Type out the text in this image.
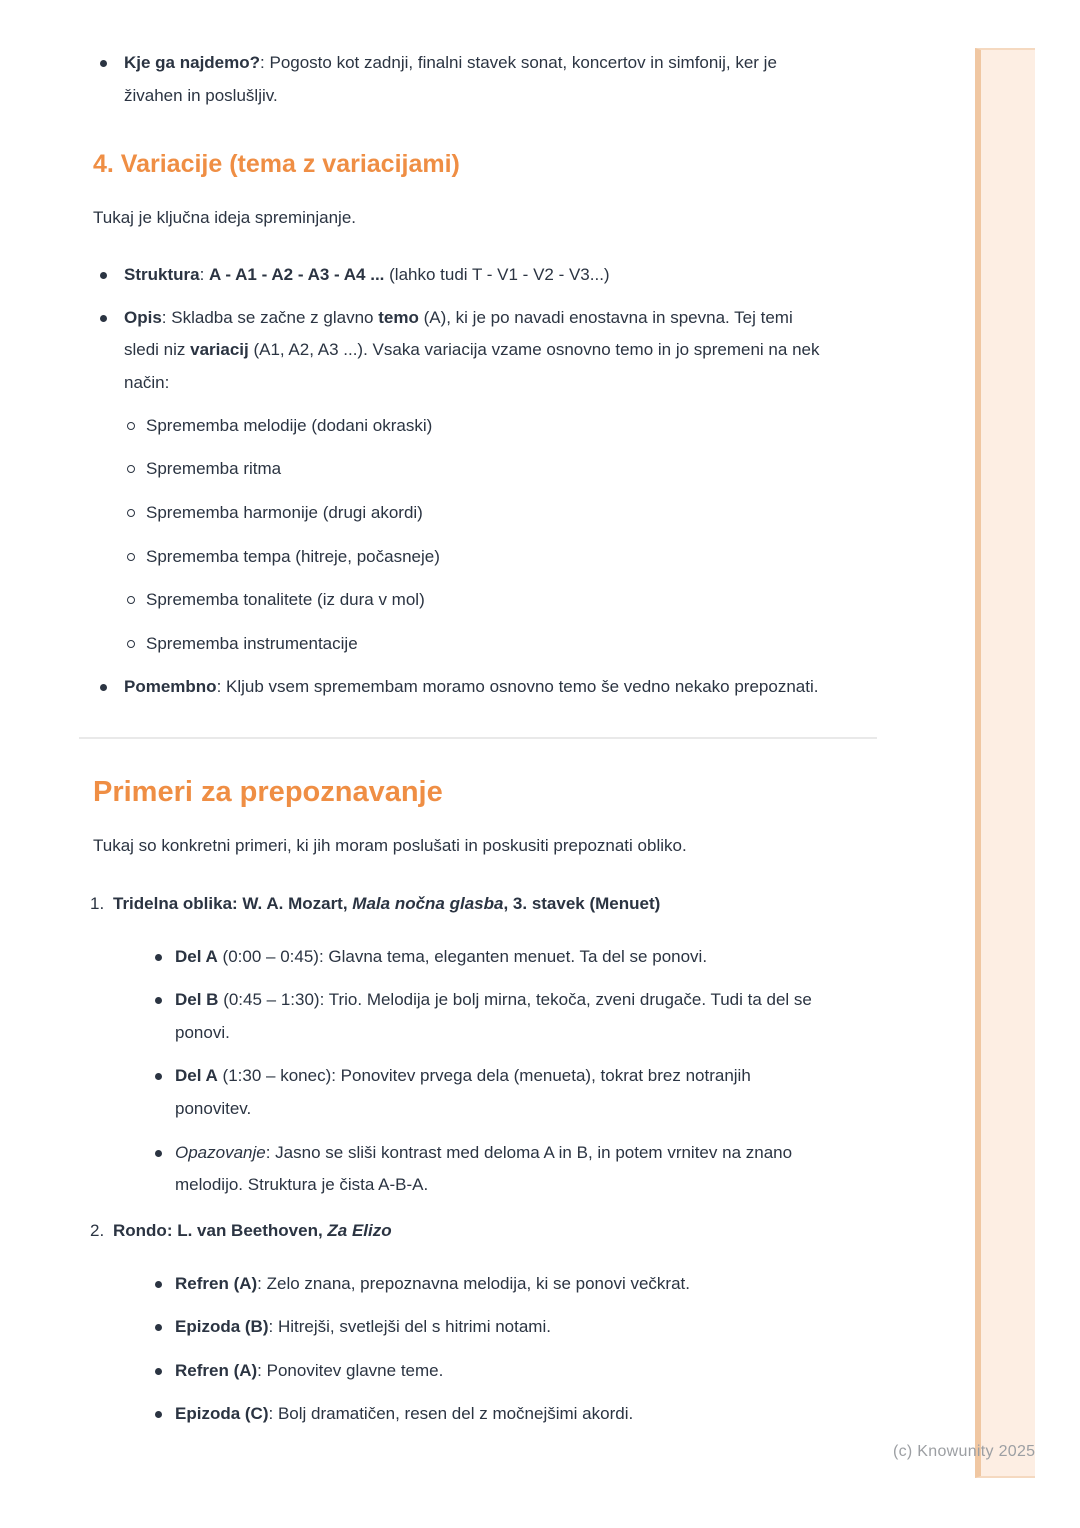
(c) Knowunity 2025
Kje ga najdemo?: Pogosto kot zadnji, finalni stavek sonat, koncertov in simfonij, ker je živahen in poslušljiv.
4. Variacije (tema z variacijami)

Tukaj je ključna ideja spreminjanje.

Struktura: A - A1 - A2 - A3 - A4 ... (lahko tudi T - V1 - V2 - V3...)
Opis: Skladba se začne z glavno temo (A), ki je po navadi enostavna in spevna. Tej temi sledi niz variacij (A1, A2, A3 ...). Vsaka variacija vzame osnovno temo in jo spremeni na nek način:
Sprememba melodije (dodani okraski)
Sprememba ritma
Sprememba harmonije (drugi akordi)
Sprememba tempa (hitreje, počasneje)
Sprememba tonalitete (iz dura v mol)
Sprememba instrumentacije
Pomembno: Kljub vsem spremembam moramo osnovno temo še vedno nekako prepoznati.
Primeri za prepoznavanje

Tukaj so konkretni primeri, ki jih moram poslušati in poskusiti prepoznati obliko.

1. Tridelna oblika: W. A. Mozart, Mala nočna glasba, 3. stavek (Menuet)
Del A (0:00 – 0:45): Glavna tema, eleganten menuet. Ta del se ponovi.
Del B (0:45 – 1:30): Trio. Melodija je bolj mirna, tekoča, zveni drugače. Tudi ta del se ponovi.
Del A (1:30 – konec): Ponovitev prvega dela (menueta), tokrat brez notranjih ponovitev.
Opazovanje: Jasno se sliši kontrast med deloma A in B, in potem vrnitev na znano melodijo. Struktura je čista A-B-A.
2. Rondo: L. van Beethoven, Za Elizo
Refren (A): Zelo znana, prepoznavna melodija, ki se ponovi večkrat.
Epizoda (B): Hitrejši, svetlejši del s hitrimi notami.
Refren (A): Ponovitev glavne teme.
Epizoda (C): Bolj dramatičen, resen del z močnejšimi akordi.
